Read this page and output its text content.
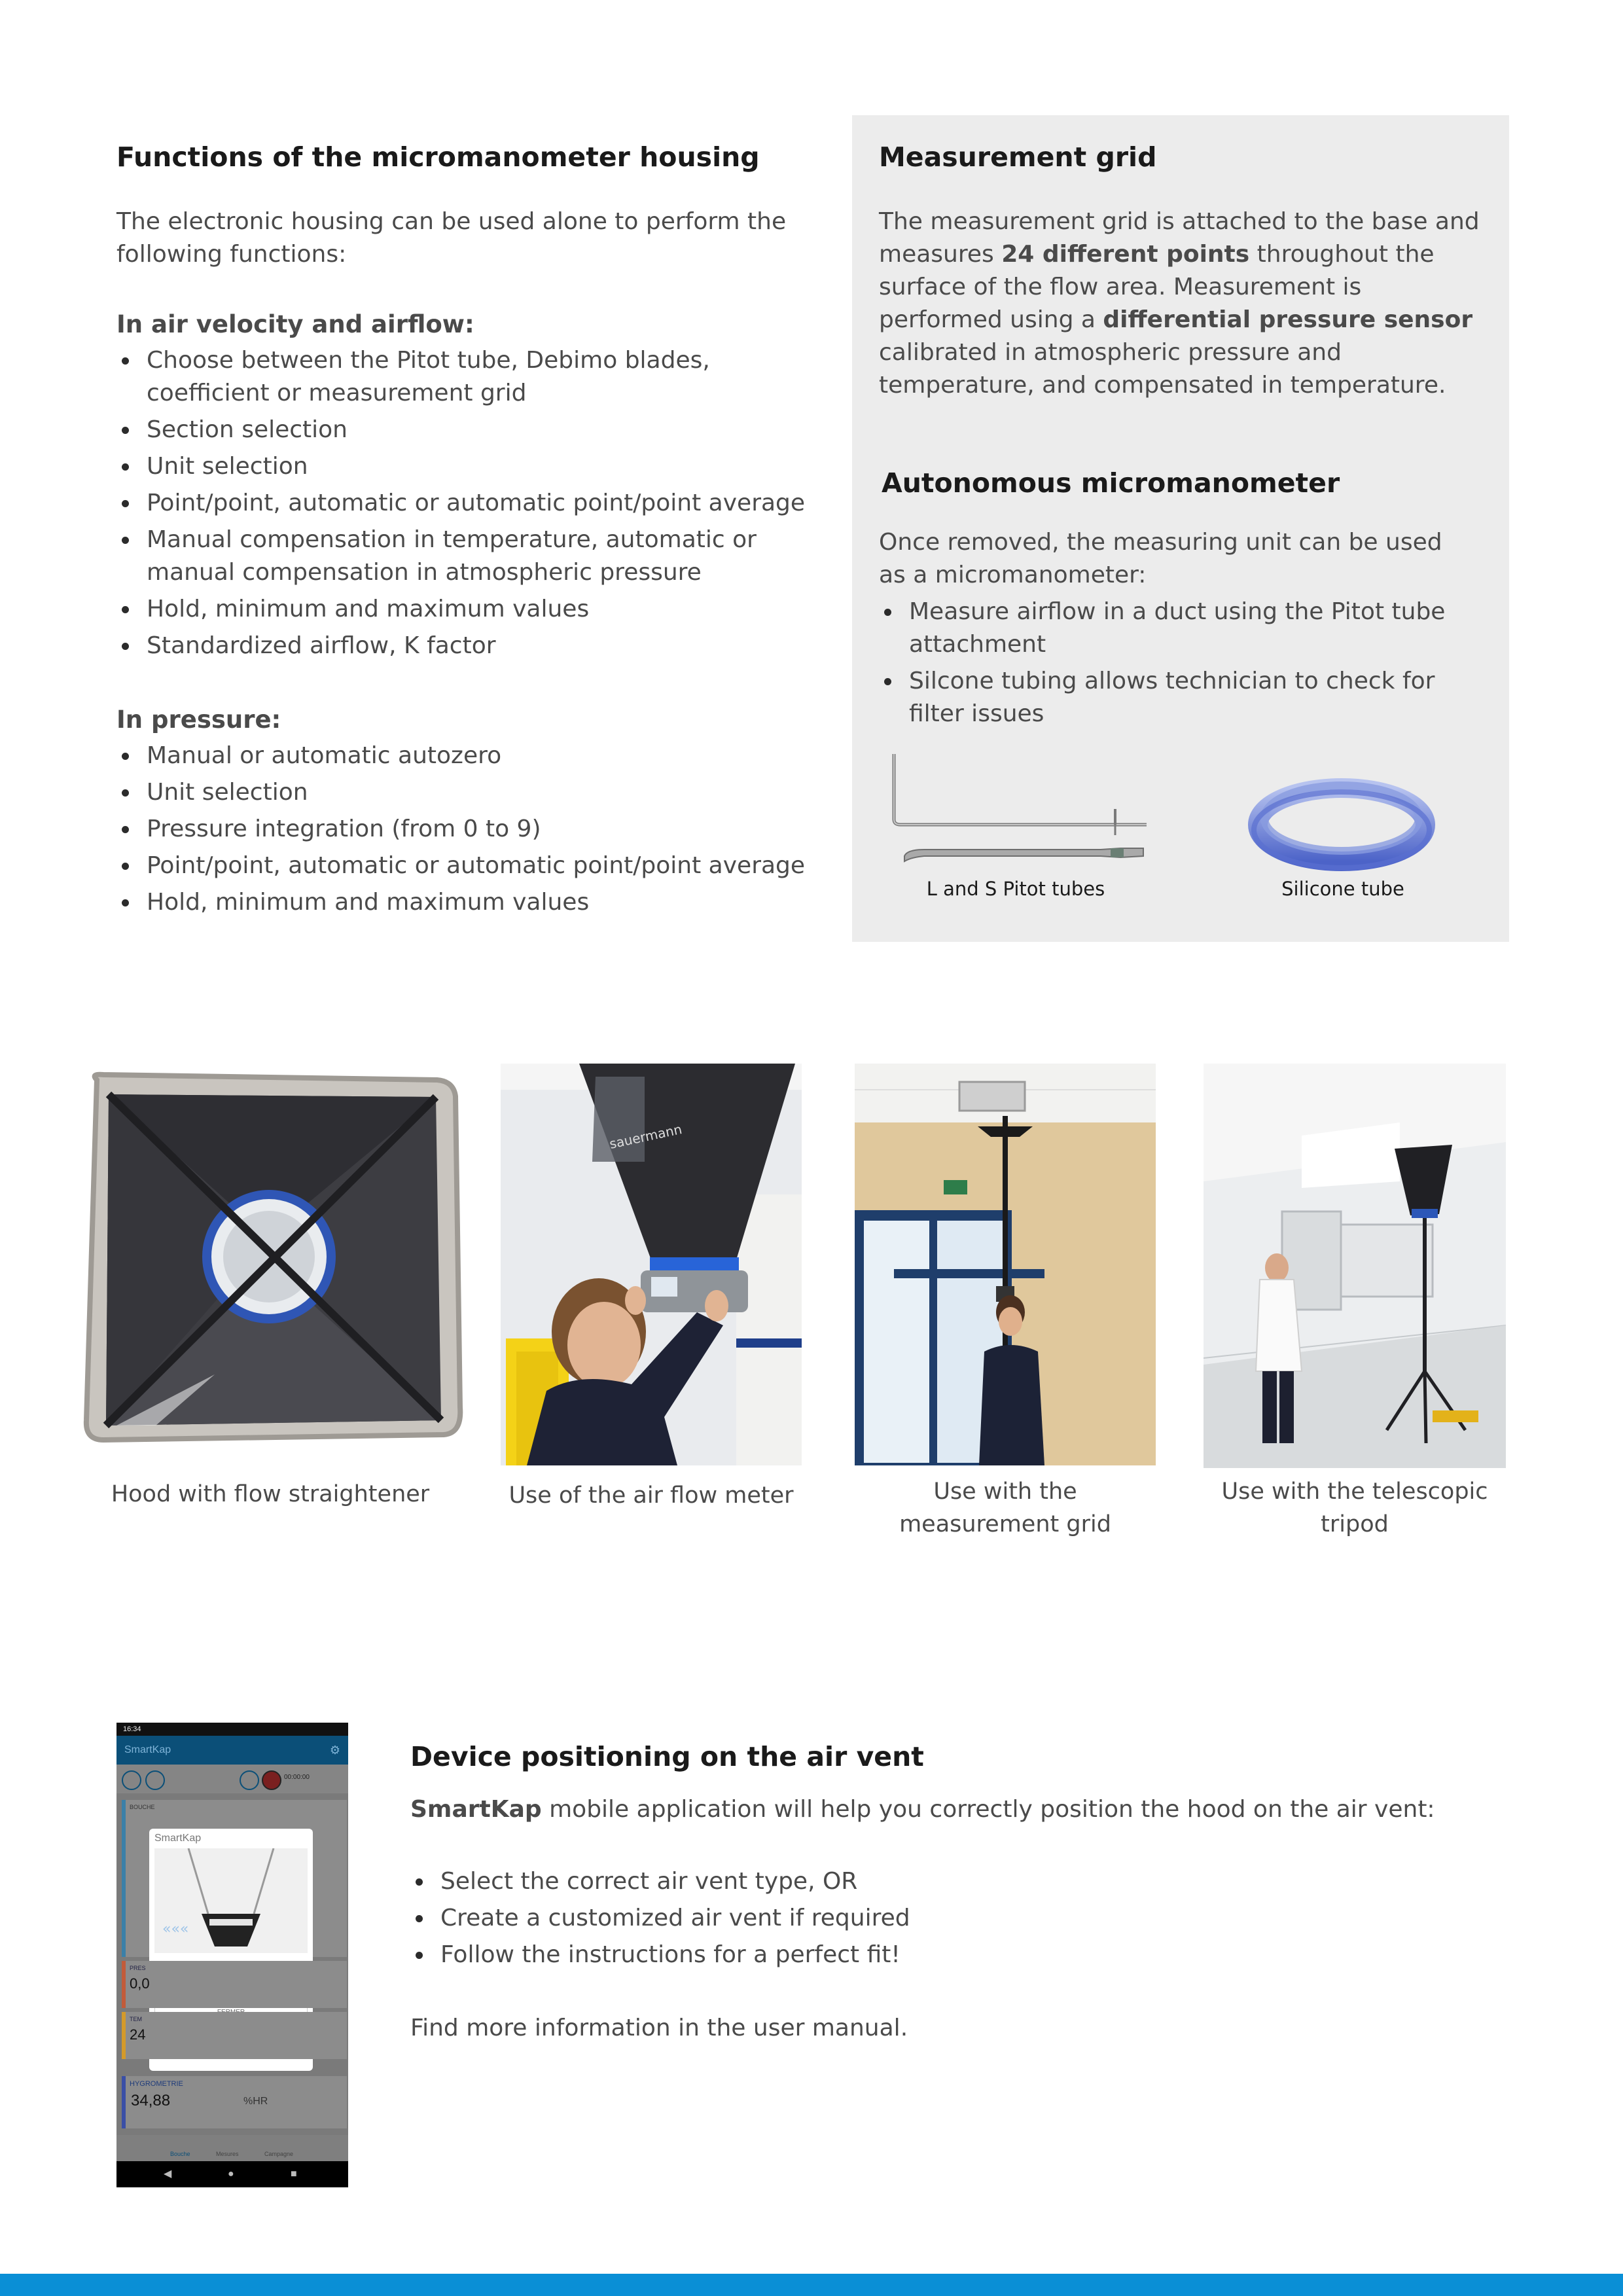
Functions of the micromanometer housing
The electronic housing can be used alone to perform the following functions:
In air velocity and airflow:
Choose between the Pitot tube, Debimo blades, coefficient or measurement grid
Section selection
Unit selection
Point/point, automatic or automatic point/point average
Manual compensation in temperature, automatic or manual compensation in atmospheric pressure
Hold, minimum and maximum values
Standardized airflow, K factor
In pressure:
Manual or automatic autozero
Unit selection
Pressure integration (from 0 to 9)
Point/point, automatic or automatic point/point average
Hold, minimum and maximum values
Measurement grid
The measurement grid is attached to the base and measures 24 different points throughout the surface of the flow area. Measurement is performed using a differential pressure sensor calibrated in atmospheric pressure and temperature, and compensated in temperature.
Autonomous micromanometer
Once removed, the measuring unit can be used as a micromanometer:
Measure airflow in a duct using the Pitot tube attachment
Silcone tubing allows technician to check for filter issues
L and S Pitot tubes	Silicone tube
Hood with flow straightener
sauermann
Use of the air flow meter	Use with the measurement grid
Use with the telescopic tripod
16:34
SmartKap	⚙
00:00:00
BOUCHE
SmartKap
«««
PRES
0,0
TEM
24
HYGROMETRIE
34,88	%HR
Bouche	Mesures	Campagne
◀	●	■
Device positioning on the air vent
SmartKap mobile application will help you correctly position the hood on the air vent:
Select the correct air vent type, OR
Create a customized air vent if required
Follow the instructions for a perfect fit!
Find more information in the user manual.
